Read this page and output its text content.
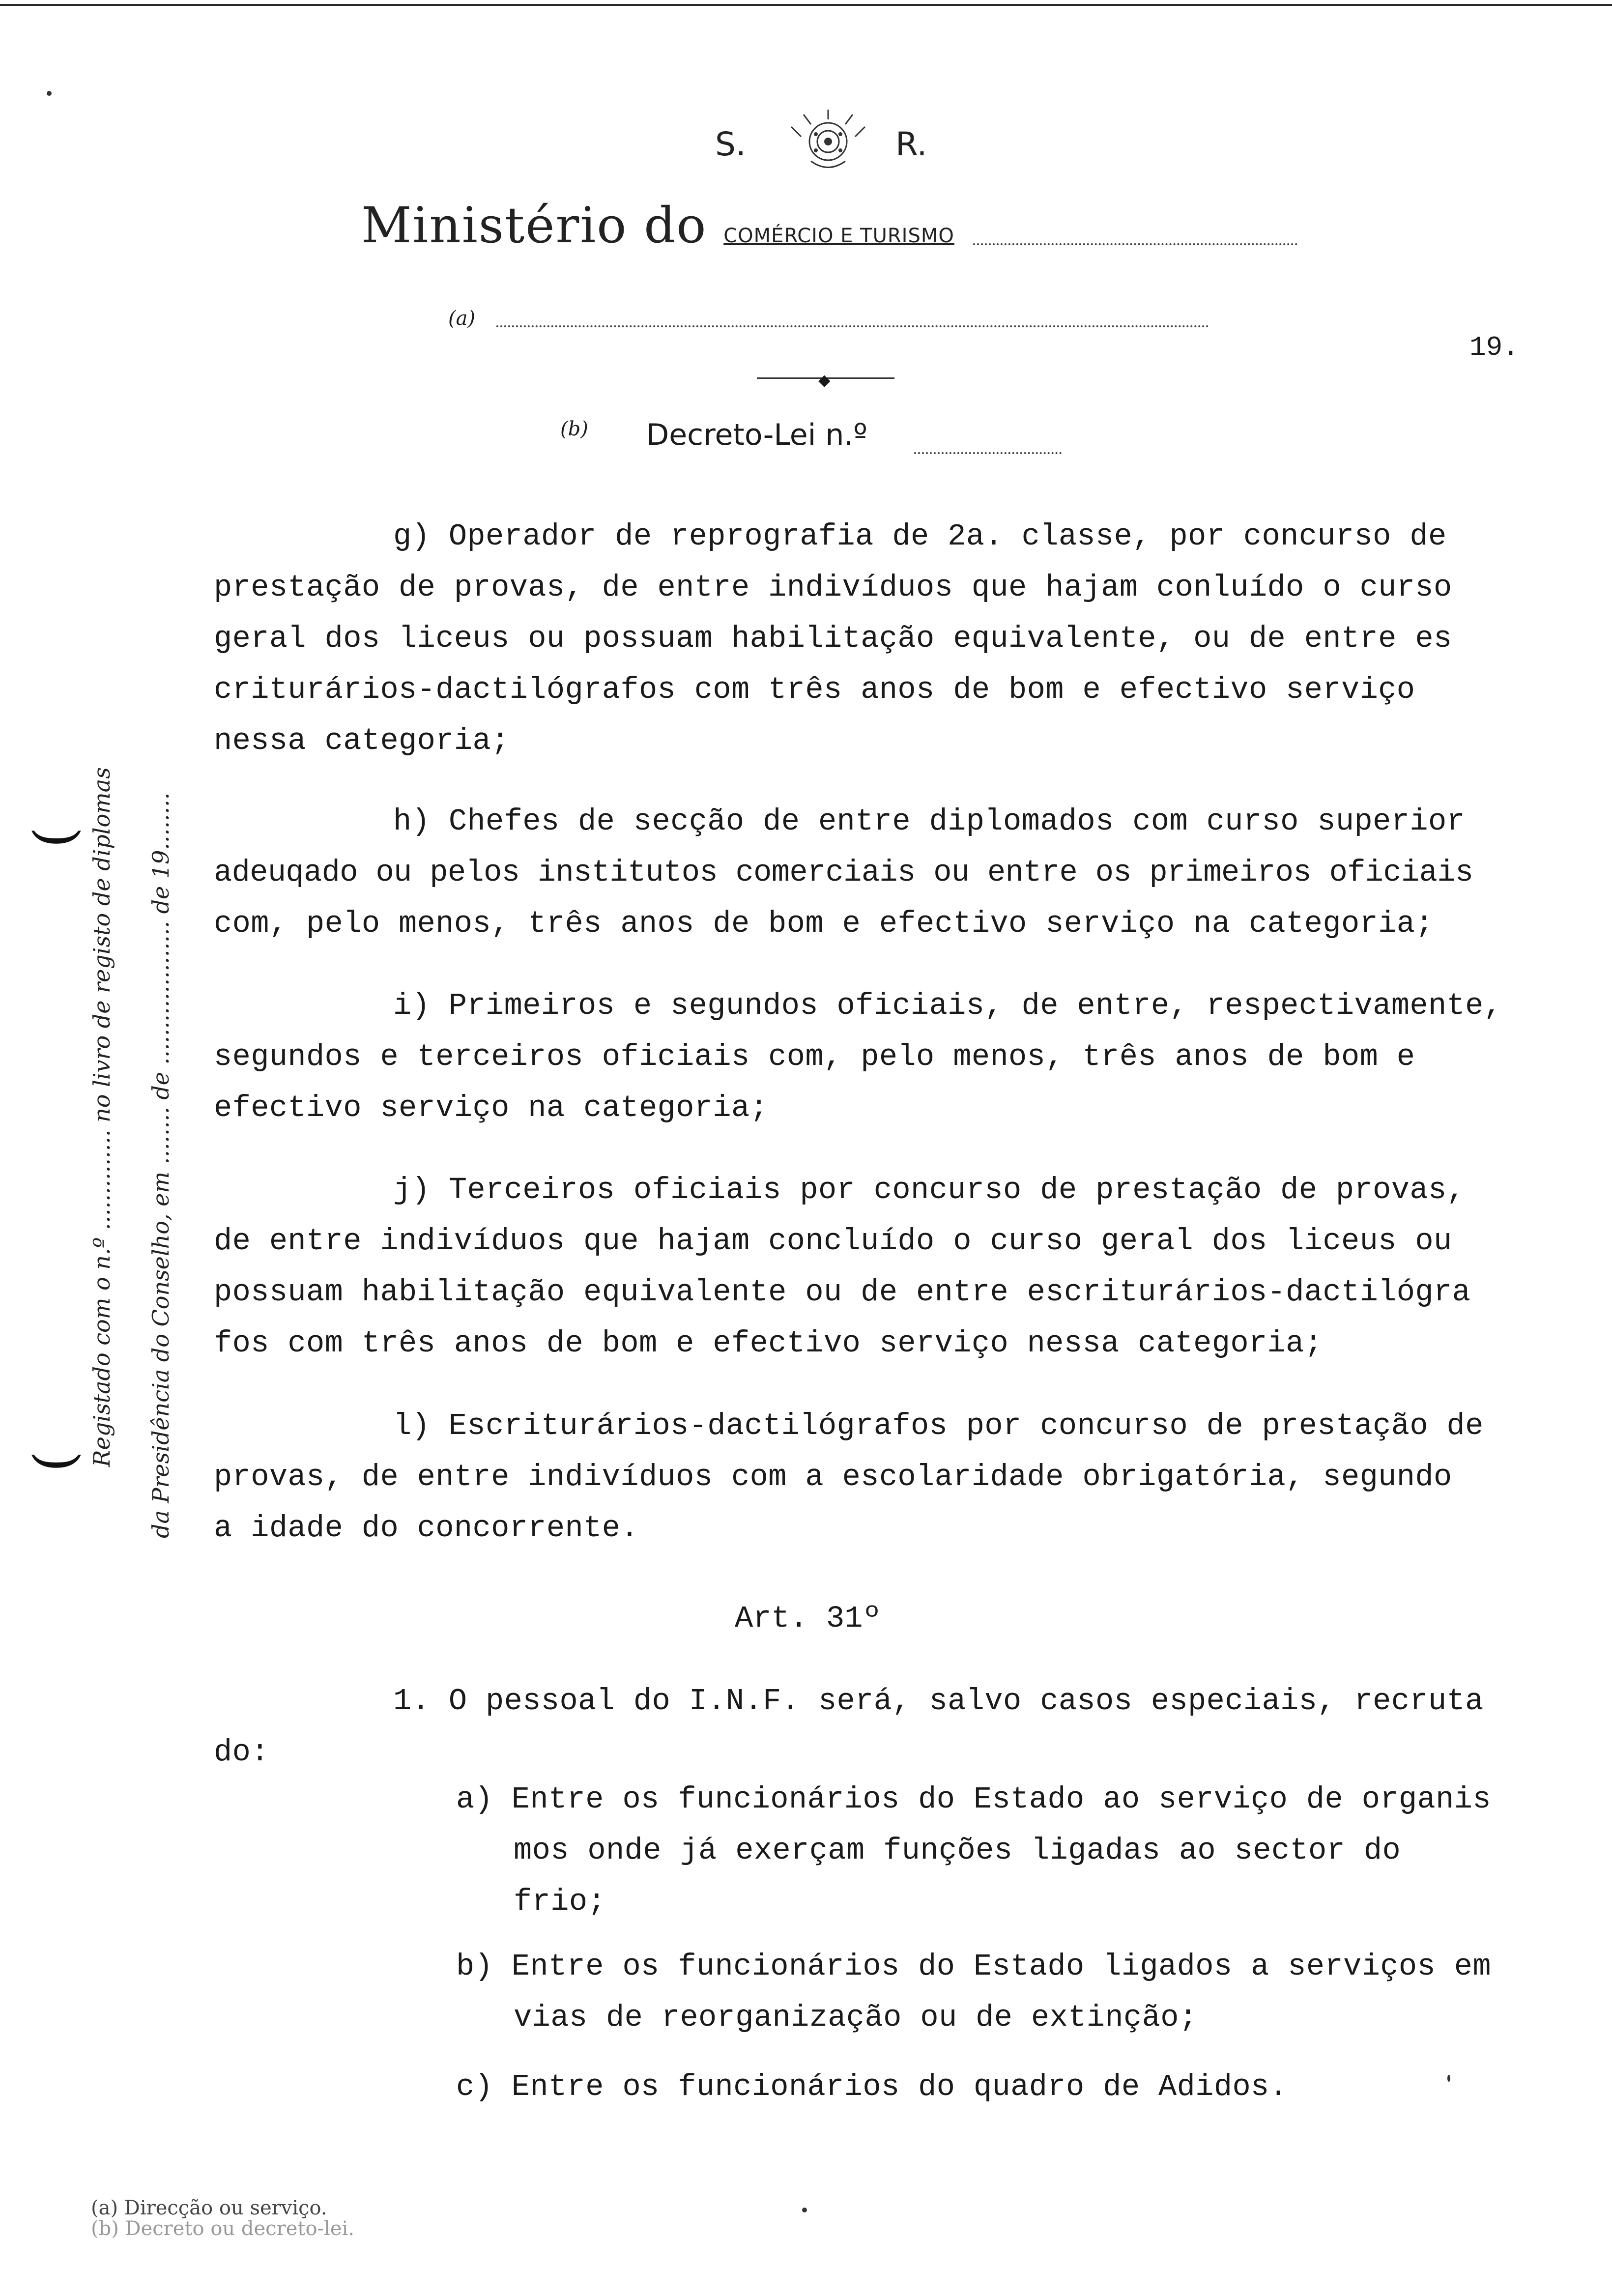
S.	R.
Ministério do COMÉRCIO E TURISMO
(a)
19.
◆
(b) Decreto-Lei n.º
(
( Registado com o n.º .............. no livro de registo de diplomas da Presidência do Conselho, em ........ de .................... de 19........
g) Operador de reprografia de 2a. classe, por concurso de
prestação de provas, de entre indivíduos que hajam conluído o curso
geral dos liceus ou possuam habilitação equivalente, ou de entre es
criturários-dactilógrafos com três anos de bom e efectivo serviço
nessa categoria;
h) Chefes de secção de entre diplomados com curso superior
adeuqado ou pelos institutos comerciais ou entre os primeiros oficiais
com, pelo menos, três anos de bom e efectivo serviço na categoria;
i) Primeiros e segundos oficiais, de entre, respectivamente,
segundos e terceiros oficiais com, pelo menos, três anos de bom e
efectivo serviço na categoria;
j) Terceiros oficiais por concurso de prestação de provas,
de entre indivíduos que hajam concluído o curso geral dos liceus ou
possuam habilitação equivalente ou de entre escriturários-dactilógra
fos com três anos de bom e efectivo serviço nessa categoria;
l) Escriturários-dactilógrafos por concurso de prestação de
provas, de entre indivíduos com a escolaridade obrigatória, segundo
a idade do concorrente.
Art. 31º
1. O pessoal do I.N.F. será, salvo casos especiais, recruta
do:
a) Entre os funcionários do Estado ao serviço de organis
mos onde já exerçam funções ligadas ao sector do
frio;
b) Entre os funcionários do Estado ligados a serviços em
vias de reorganização ou de extinção;
c) Entre os funcionários do quadro de Adidos.
(a) Direcção ou serviço.
(b) Decreto ou decreto-lei.
